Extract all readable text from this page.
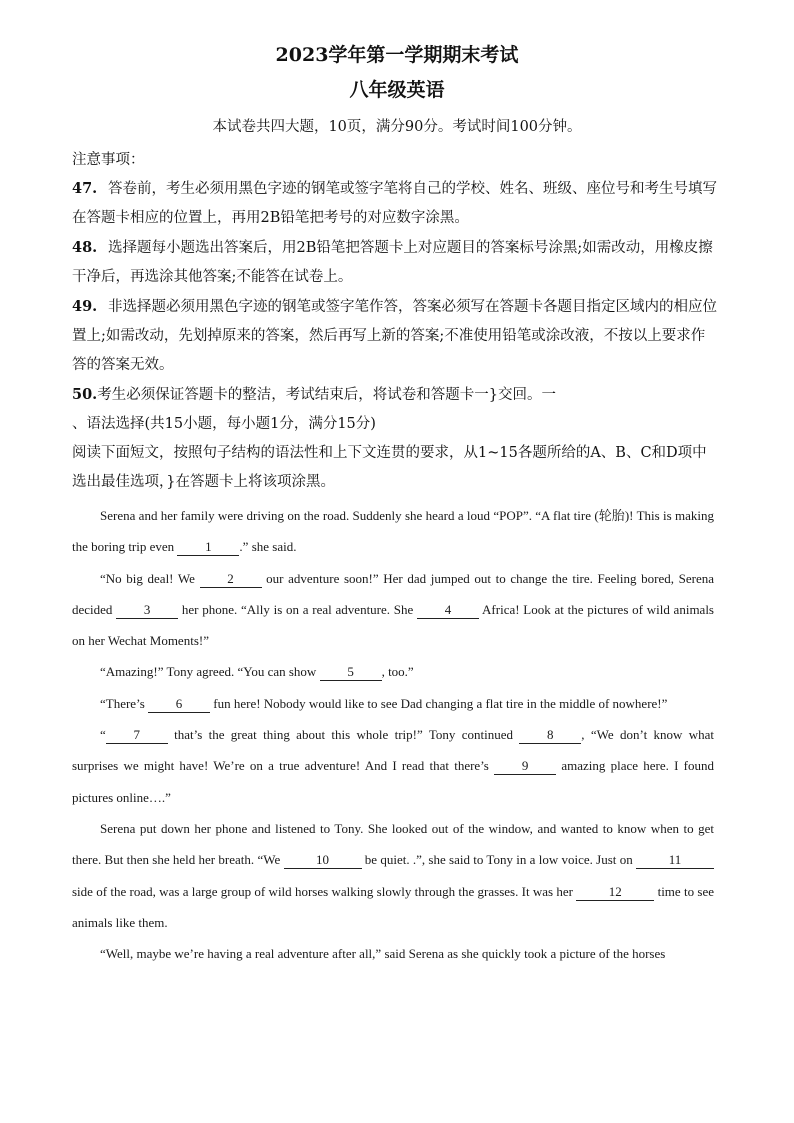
2023学年第一学期期末考试
八年级英语
本试卷共四大题，10页，满分90分。考试时间100分钟。
注意事项：

47. 答卷前，考生必须用黑色字迹的钢笔或签字笔将自己的学校、姓名、班级、座位号和考生号填写在答题卡相应的位置上，再用2B铅笔把考号的对应数字涂黑。

48. 选择题每小题选出答案后，用2B铅笔把答题卡上对应题目的答案标号涂黑;如需改动，用橡皮擦干净后，再选涂其他答案;不能答在试卷上。

49. 非选择题必须用黑色字迹的钢笔或签字笔作答，答案必须写在答题卡各题目指定区域内的相应位置上;如需改动，先划掉原来的答案，然后再写上新的答案;不准使用铅笔或涂改液，不按以上要求作答的答案无效。

50.考生必须保证答题卡的整洁，考试结束后，将试卷和答题卡一}交回。一

、语法选择(共15小题，每小题1分，满分15分)

阅读下面短文，按照句子结构的语法性和上下文连贯的要求，从1~15各题所给的A、B、C和D项中选出最佳选项，}在答题卡上将该项涂黑。

Serena and her family were driving on the road. Suddenly she heard a loud “POP”. “A flat tire (轮胎)! This is making the boring trip even 1 .” she said.

“No big deal! We 2 our adventure soon!” Her dad jumped out to change the tire. Feeling bored, Serena decided 3 her phone. “Ally is on a real adventure. She 4 Africa! Look at the pictures of wild animals on her Wechat Moments!”

“Amazing!” Tony agreed. “You can show 5 , too.”

“There’s 6 fun here! Nobody would like to see Dad changing a flat tire in the middle of nowhere!”

“ 7 that’s the great thing about this whole trip!” Tony continued 8 , “We don’t know what surprises we might have! We’re on a true adventure! And I read that there’s 9 amazing place here. I found pictures online….”

Serena put down her phone and listened to Tony. She looked out of the window, and wanted to know when to get there. But then she held her breath. “We	10	be quiet. .”, she said to Tony in a low voice. Just on	11 side of the road, was a large group of wild horses walking slowly through the grasses. It was her	12	time to see animals like them.

“Well, maybe we’re having a real adventure after all,” said Serena as she quickly took a picture of the horses
